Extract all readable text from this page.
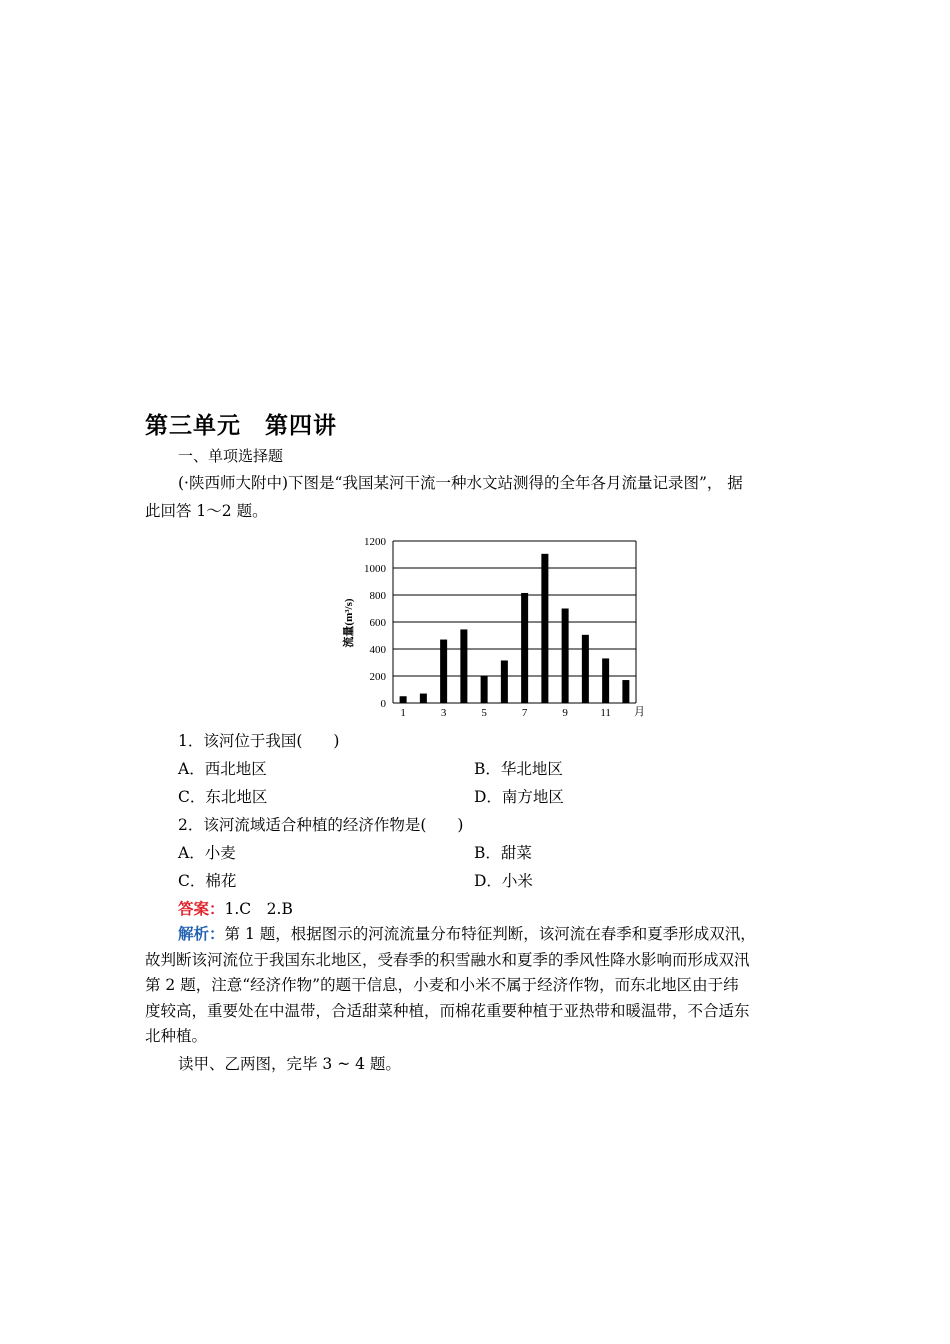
第三单元　第四讲
一、单项选择题
(·陕西师大附中)下图是“我国某河干流一种水文站测得的全年各月流量记录图”， 据
此回答 1～2 题。
0
200
400
600
800
1000
1200
1	3	5	7	9	11 月
流量(m³/s)
1．该河位于我国(　　)
A．西北地区	B．华北地区
C．东北地区	D．南方地区
2．该河流域适合种植的经济作物是(　　)
A．小麦	B．甜菜
C．棉花	D．小米
答案：1.C　2.B

解析：第 1 题，根据图示的河流流量分布特征判断，该河流在春季和夏季形成双汛，

故判断该河流位于我国东北地区，受春季的积雪融水和夏季的季风性降水影响而形成双汛

第 2 题，注意“经济作物”的题干信息，小麦和小米不属于经济作物，而东北地区由于纬

度较高，重要处在中温带，合适甜菜种植，而棉花重要种植于亚热带和暖温带，不合适东

北种植。

读甲、乙两图，完毕 3 ~ 4 题。
